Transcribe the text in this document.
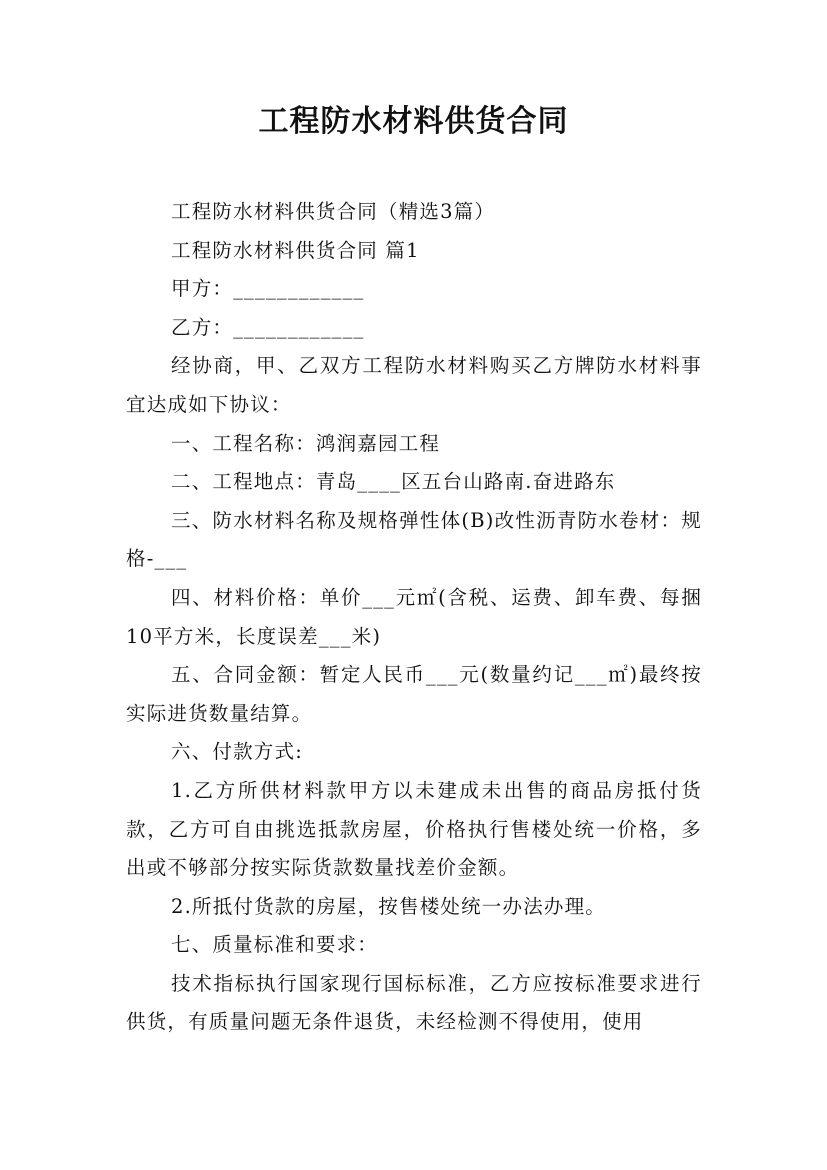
工程防水材料供货合同

工程防水材料供货合同（精选3篇）

工程防水材料供货合同 篇1

甲方：____________

乙方：____________

经协商，甲、乙双方工程防水材料购买乙方牌防水材料事宜达成如下协议：

一、工程名称：鸿润嘉园工程

二、工程地点：青岛____区五台山路南.奋进路东

三、防水材料名称及规格弹性体(B)改性沥青防水卷材：规格-___

四、材料价格：单价___元㎡(含税、运费、卸车费、每捆10平方米，长度误差___米)

五、合同金额：暂定人民币___元(数量约记___㎡)最终按实际进货数量结算。

六、付款方式:

1.乙方所供材料款甲方以未建成未出售的商品房抵付货款，乙方可自由挑选抵款房屋，价格执行售楼处统一价格，多出或不够部分按实际货款数量找差价金额。

2.所抵付货款的房屋，按售楼处统一办法办理。

七、质量标准和要求：

技术指标执行国家现行国标标准，乙方应按标准要求进行供货，有质量问题无条件退货，未经检测不得使用，使用
